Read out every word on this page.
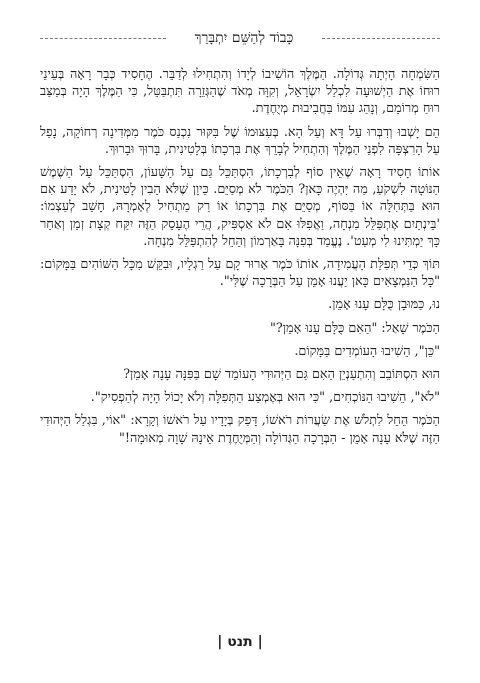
כָּבוֹד לְהַשֵּׁם יִתְבָּרַךְ

הַשִּׂמְחָה הָיְתָה גְּדוֹלָה. הַמֶּלֶךְ הוֹשִׁיבוֹ לְיָדוֹ וְהִתְחִילוּ לְדַבֵּר. הֶחָסִיד כְּבָר רָאָה בְּעֵינֵי רוּחוֹ אֶת הַיְשׁוּעָה לִכְלַל יִשְׂרָאֵל, וְקִוָּה מְאֹד שֶׁהַגְּזֵרָה תִּתְבַּטֵּל, כִּי הַמֶּלֶךְ הָיָה בְּמַצַּב רוּחַ מְרוֹמָם, וְנָהַג עִמּוֹ בַּחֲבִיבוּת מְיֻחֶדֶת.

הֵם יָשְׁבוּ וְדִבְּרוּ עַל דָּא וְעַל הָא. בְּעִצּוּמוֹ שֶׁל בִּקּוּר נִכְנַס כֹּמֶר מִמְּדִינָה רְחוֹקָה, נָפַל עַל הָרִצְפָּה לִפְנֵי הַמֶּלֶךְ וְהִתְחִיל לְבָרֵךְ אֶת בִּרְכָתוֹ בְּלָטִינִית, בָּרוּךְ וּבָרוּךְ.

אוֹתוֹ חָסִיד רָאָה שֶׁאֵין סוֹף לְבִרְכָתוֹ, הִסְתַּכֵּל גַּם עַל הַשָּׁעוֹן, הִסְתַּכֵּל עַל הַשֶּׁמֶשׁ הַנּוֹטָה לִשְׁקֹעַ, מַה יִּהְיֶה כָּאן? הַכֹּמֶר לֹא מְסַיֵּם. כֵּיוָן שֶׁלֹּא הֵבִין לָטִינִית, לֹא יָדַע אִם הוּא בַּתְּחִלָּה אוֹ בַּסּוֹף, מְסַיֵּם אֶת בִּרְכָתוֹ אוֹ רַק מַתְחִיל לְאָמְרָהּ, חָשַׁב לְעַצְמוֹ: 'בֵּינְתַיִם אֶתְפַּלֵּל מִנְחָה, וַאֲפִלּוּ אִם לֹא אַסְפִּיק, הֲרֵי הֶעָסֵק הַזֶּה יִקַּח קְצָת זְמַן וְאַחַר כָּךְ יַמְתִּינוּ לִי מְעַט'. נֶעֱמַד בְּפִנָּה בָּאַרְמוֹן וְהֵחֵל לְהִתְפַּלֵּל מִנְחָה.

תּוֹךְ כְּדֵי תְּפִלַּת הָעֲמִידָה, אוֹתוֹ כֹּמֶר אָרוּר קָם עַל רַגְלָיו, וּבִקֵּשׁ מִכָּל הַשּׁוֹהִים בַּמָּקוֹם: "כָּל הַנִּמְצָאִים כָּאן יַעֲנוּ אָמֵן עַל הַבְּרָכָה שֶׁלִּי".

נוּ, כַּמּוּבָן כֻּלָּם עָנוּ אָמֵן.

הַכֹּמֶר שָׁאַל: "הַאִם כֻּלָּם עָנוּ אָמֵן?"

"כֵּן", הֵשִׁיבוּ הָעוֹמְדִים בַּמָּקוֹם.

הוּא הִסְתּוֹבֵב וְהִתְעַנְיֵן הַאִם גַּם הַיְּהוּדִי הָעוֹמֵד שָׁם בַּפִּנָּה עָנָה אָמֵן?

"לֹא", הֵשִׁיבוּ הַנּוֹכְחִים, "כִּי הוּא בְּאֶמְצַע הַתְּפִלָּה וְלֹא יָכוֹל הָיָה לְהַפְסִיק".

הַכֹּמֶר הֵחֵל לִתְלֹשׁ אֶת שַׂעֲרוֹת רֹאשׁוֹ, דָּפַק בְּיָדָיו עַל רֹאשׁוֹ וְקָרָא: "אוֹי, בִּגְלַל הַיְּהוּדִי הַזֶּה שֶׁלֹּא עָנָה אָמֵן - הַבְּרָכָה הַגְּדוֹלָה וְהַמְּיֻחֶדֶת אֵינָהּ שָׁוָה מְאוּמָה!"

| תנט |
